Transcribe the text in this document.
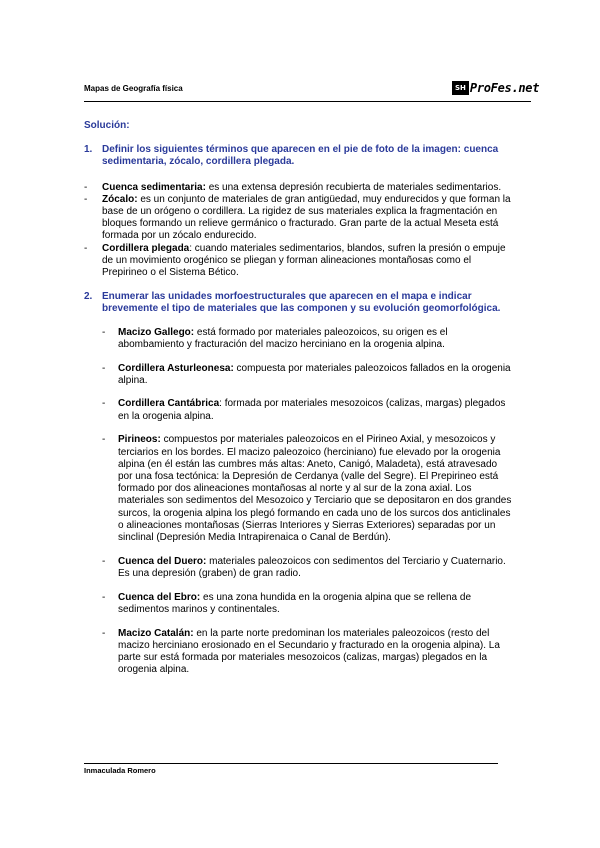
Mapas de Geografía física	SH ProFes.net

Solución:

1. Definir los siguientes términos que aparecen en el pie de foto de la imagen: cuenca sedimentaria, zócalo, cordillera plegada.
-	Cuenca sedimentaria: es una extensa depresión recubierta de materiales sedimentarios.
-	Zócalo: es un conjunto de materiales de gran antigüedad, muy endurecidos y que forman la base de un orógeno o cordillera. La rigidez de sus materiales explica la fragmentación en bloques formando un relieve germánico o fracturado. Gran parte de la actual Meseta está formada por un zócalo endurecido.
-	Cordillera plegada: cuando materiales sedimentarios, blandos, sufren la presión o empuje de un movimiento orogénico se pliegan y forman alineaciones montañosas como el Prepirineo o el Sistema Bético.
2. Enumerar las unidades morfoestructurales que aparecen en el mapa e indicar brevemente el tipo de materiales que las componen y su evolución geomorfológica.
-	Macizo Gallego: está formado por materiales paleozoicos, su origen es el abombamiento y fracturación del macizo herciniano en la orogenia alpina.
-	Cordillera Asturleonesa: compuesta por materiales paleozoicos fallados en la orogenia alpina.
-	Cordillera Cantábrica: formada por materiales mesozoicos (calizas, margas) plegados en la orogenia alpina.
-	Pirineos: compuestos por materiales paleozoicos en el Pirineo Axial, y mesozoicos y terciarios en los bordes. El macizo paleozoico (herciniano) fue elevado por la orogenia alpina (en él están las cumbres más altas: Aneto, Canigó, Maladeta), está atravesado por una fosa tectónica: la Depresión de Cerdanya (valle del Segre). El Prepirineo está formado por dos alineaciones montañosas al norte y al sur de la zona axial. Los materiales son sedimentos del Mesozoico y Terciario que se depositaron en dos grandes surcos, la orogenia alpina los plegó formando en cada uno de los surcos dos anticlinales o alineaciones montañosas (Sierras Interiores y Sierras Exteriores) separadas por un sinclinal (Depresión Media Intrapirenaica o Canal de Berdún).
-	Cuenca del Duero: materiales paleozoicos con sedimentos del Terciario y Cuaternario. Es una depresión (graben) de gran radio.
-	Cuenca del Ebro: es una zona hundida en la orogenia alpina que se rellena de sedimentos marinos y continentales.
-	Macizo Catalán: en la parte norte predominan los materiales paleozoicos (resto del macizo herciniano erosionado en el Secundario y fracturado en la orogenia alpina). La parte sur está formada por materiales mesozoicos (calizas, margas) plegados en la orogenia alpina.
Inmaculada Romero
